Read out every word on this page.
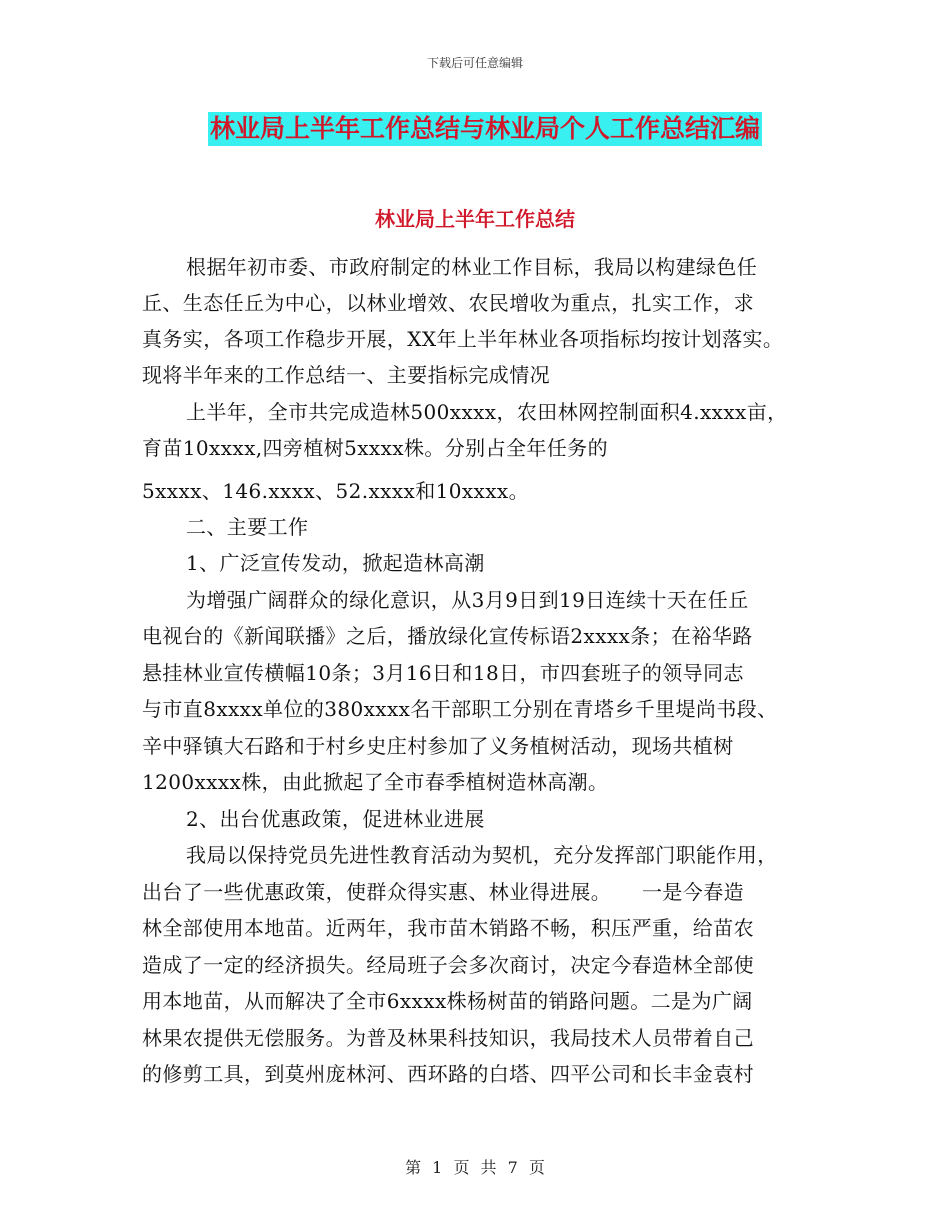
下载后可任意编辑
林业局上半年工作总结与林业局个人工作总结汇编
林业局上半年工作总结
根据年初市委、市政府制定的林业工作目标，我局以构建绿色任
丘、生态任丘为中心，以林业增效、农民增收为重点，扎实工作，求
真务实，各项工作稳步开展，XX年上半年林业各项指标均按计划落实。
现将半年来的工作总结一、主要指标完成情况
上半年，全市共完成造林500xxxx，农田林网控制面积4.xxxx亩，
育苗10xxxx,四旁植树5xxxx株。分别占全年任务的
5xxxx、146.xxxx、52.xxxx和10xxxx。
二、主要工作
1、广泛宣传发动，掀起造林高潮
为增强广阔群众的绿化意识，从3月9日到19日连续十天在任丘
电视台的《新闻联播》之后，播放绿化宣传标语2xxxx条；在裕华路
悬挂林业宣传横幅10条；3月16日和18日，市四套班子的领导同志
与市直8xxxx单位的380xxxx名干部职工分别在青塔乡千里堤尚书段、
辛中驿镇大石路和于村乡史庄村参加了义务植树活动，现场共植树
1200xxxx株，由此掀起了全市春季植树造林高潮。
2、出台优惠政策，促进林业进展
我局以保持党员先进性教育活动为契机，充分发挥部门职能作用，
出台了一些优惠政策，使群众得实惠、林业得进展。　　一是今春造
林全部使用本地苗。近两年，我市苗木销路不畅，积压严重，给苗农
造成了一定的经济损失。经局班子会多次商讨，决定今春造林全部使
用本地苗，从而解决了全市6xxxx株杨树苗的销路问题。二是为广阔
林果农提供无偿服务。为普及林果科技知识，我局技术人员带着自己
的修剪工具，到莫州庞林河、西环路的白塔、四平公司和长丰金袁村
第 1 页 共 7 页
